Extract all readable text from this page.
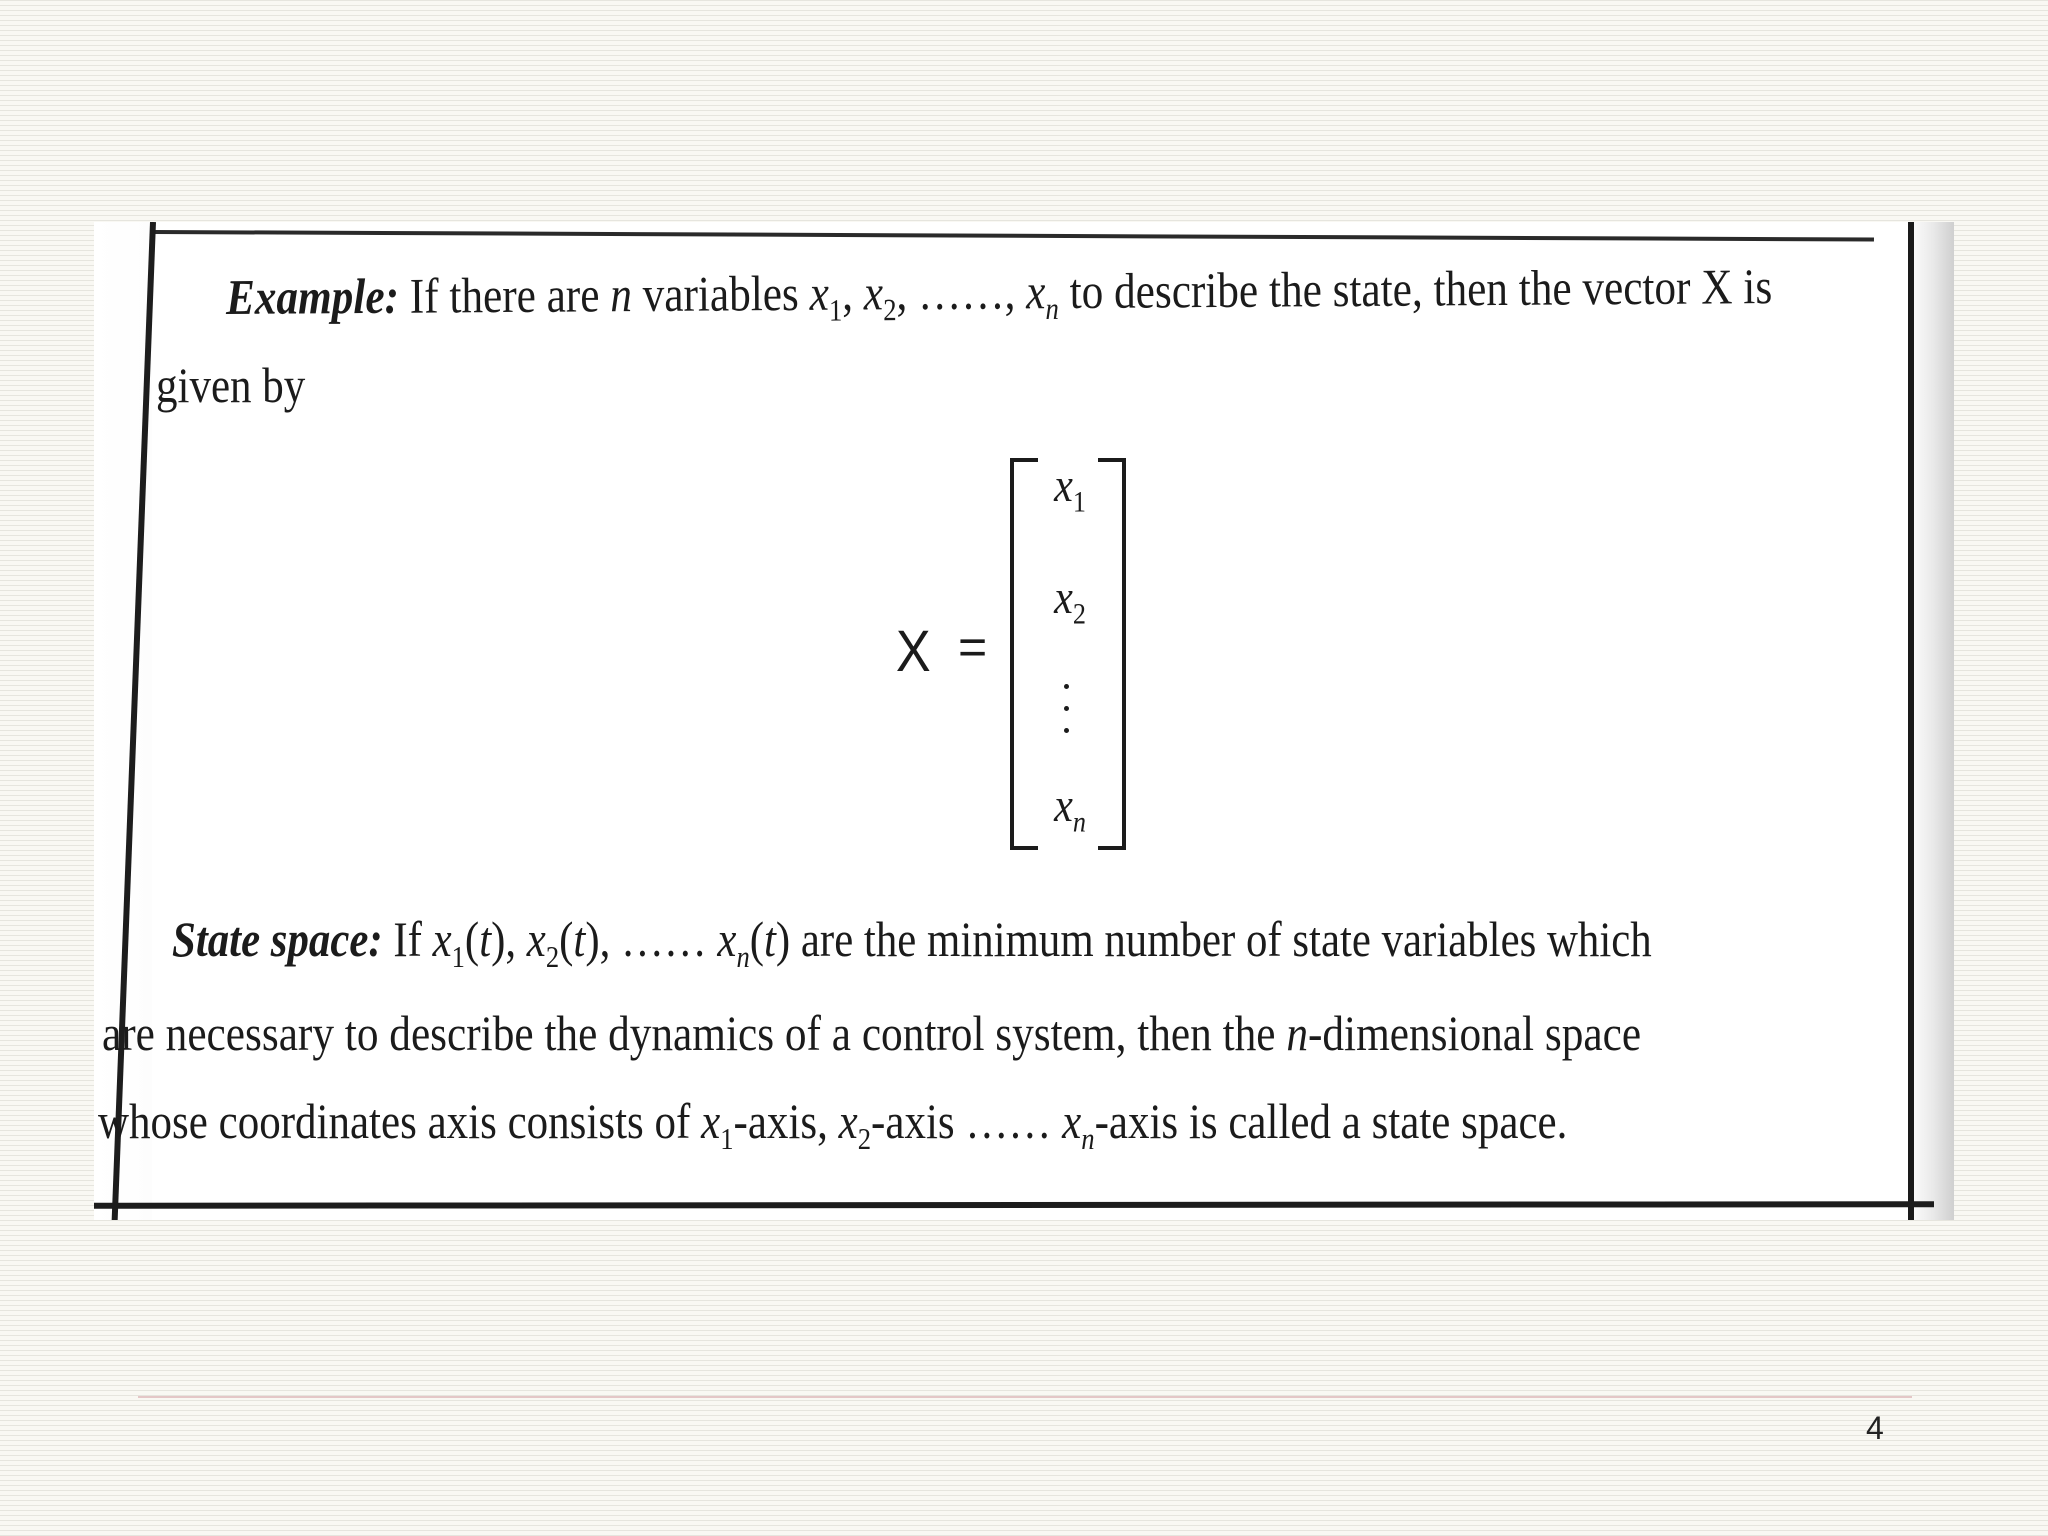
Example: If there are n variables $x_1$, $x_2$, ……, $x_n$ to describe the state, then the vector X is

given by

X =
$x_1$
$x_2$
$x_n$

State space: If $x_1(t)$, $x_2(t)$, …… $x_n(t)$ are the minimum number of state variables which

are necessary to describe the dynamics of a control system, then the n-dimensional space

whose coordinates axis consists of $x_1$-axis, $x_2$-axis …… $x_n$-axis is called a state space.

4
